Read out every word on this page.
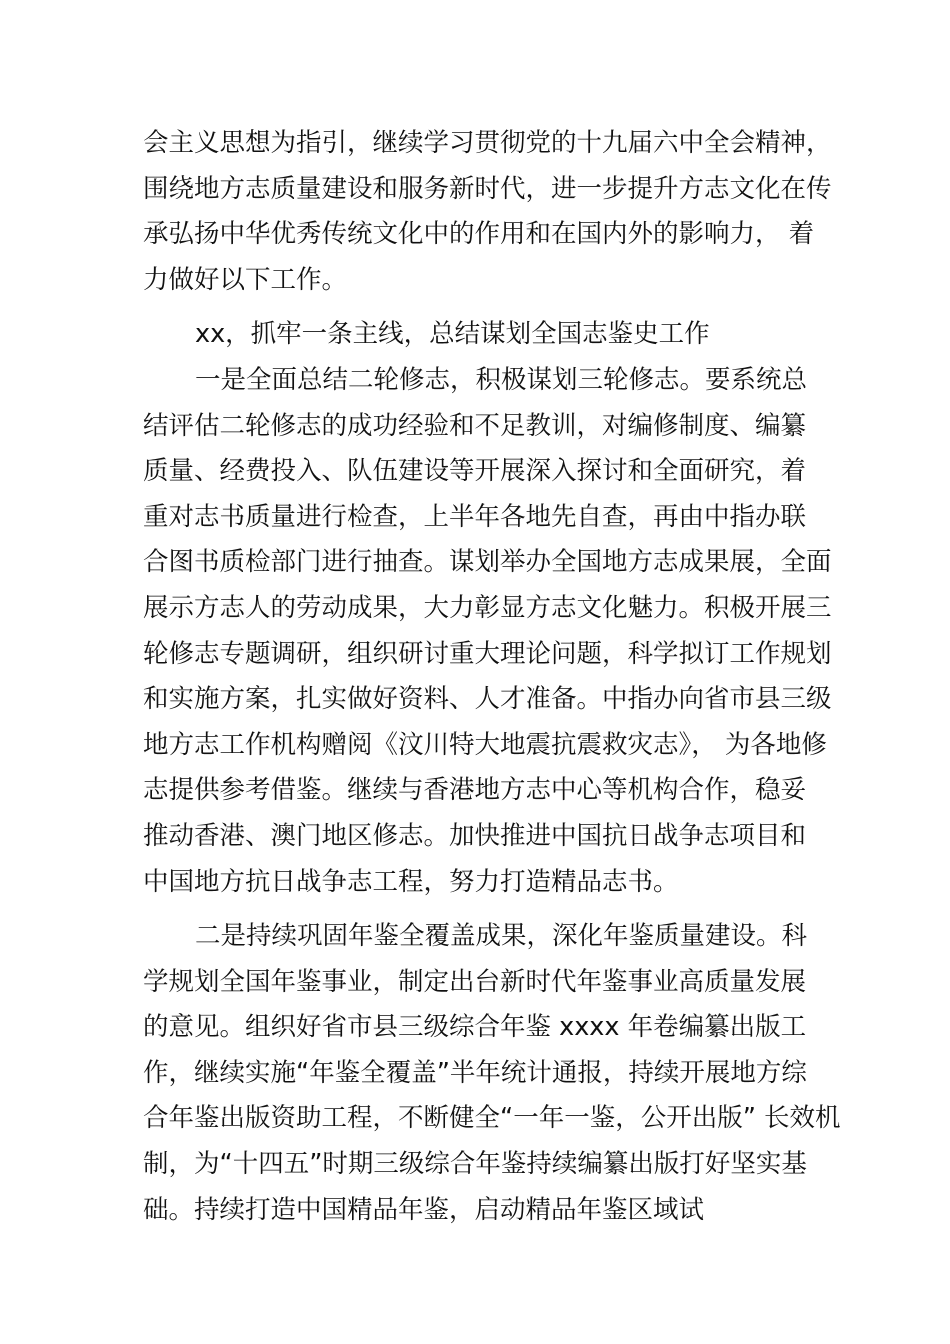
会主义思想为指引，继续学习贯彻党的十九届六中全会精神，
围绕地方志质量建设和服务新时代，进一步提升方志文化在传
承弘扬中华优秀传统文化中的作用和在国内外的影响力， 着
力做好以下工作。
xx，抓牢一条主线，总结谋划全国志鉴史工作
一是全面总结二轮修志，积极谋划三轮修志。要系统总
结评估二轮修志的成功经验和不足教训，对编修制度、编纂
质量、经费投入、队伍建设等开展深入探讨和全面研究，着
重对志书质量进行检查，上半年各地先自查，再由中指办联
合图书质检部门进行抽查。谋划举办全国地方志成果展，全面
展示方志人的劳动成果，大力彰显方志文化魅力。积极开展三
轮修志专题调研，组织研讨重大理论问题，科学拟订工作规划
和实施方案，扎实做好资料、人才准备。中指办向省市县三级
地方志工作机构赠阅《汶川特大地震抗震救灾志》， 为各地修
志提供参考借鉴。继续与香港地方志中心等机构合作，稳妥
推动香港、澳门地区修志。加快推进中国抗日战争志项目和
中国地方抗日战争志工程，努力打造精品志书。
二是持续巩固年鉴全覆盖成果，深化年鉴质量建设。科
学规划全国年鉴事业，制定出台新时代年鉴事业高质量发展
的意见。组织好省市县三级综合年鉴 xxxx 年卷编纂出版工
作，继续实施“年鉴全覆盖”半年统计通报，持续开展地方综
合年鉴出版资助工程，不断健全“一年一鉴，公开出版” 长效机
制，为“十四五”时期三级综合年鉴持续编纂出版打好坚实基
础。持续打造中国精品年鉴，启动精品年鉴区域试
